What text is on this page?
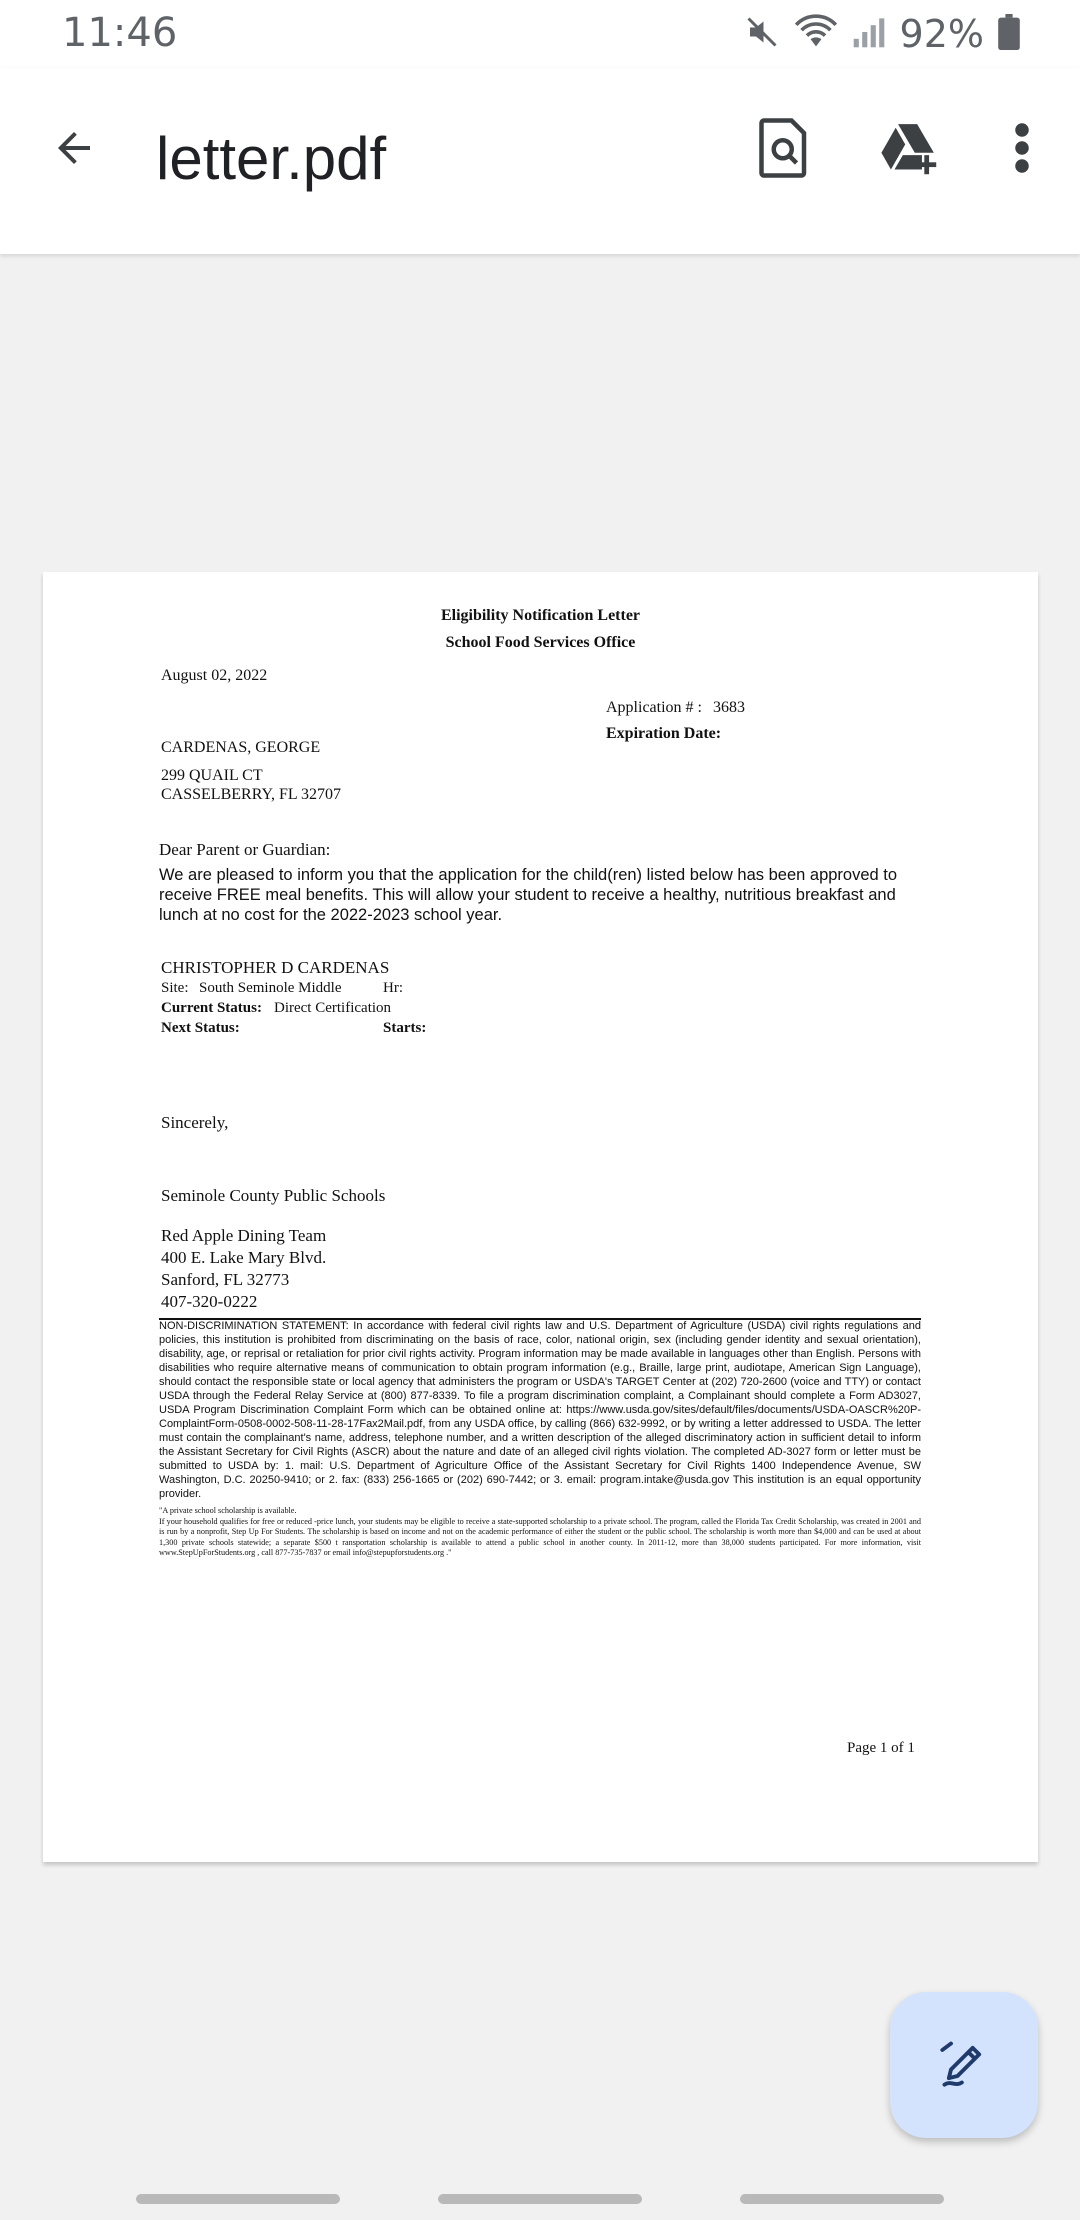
11:46	92%
letter.pdf
Eligibility Notification Letter
School Food Services Office
August 02, 2022
Application # : 3683
Expiration Date:
CARDENAS, GEORGE
299 QUAIL CT
CASSELBERRY, FL 32707
Dear Parent or Guardian:
We are pleased to inform you that the application for the child(ren) listed below has been approved to receive FREE meal benefits. This will allow your student to receive a healthy, nutritious breakfast and lunch at no cost for the 2022-2023 school year.
CHRISTOPHER D CARDENAS
Site: South Seminole Middle	Hr:
Current Status: Direct Certification
Next Status:	Starts:
Sincerely,
Seminole County Public Schools
Red Apple Dining Team
400 E. Lake Mary Blvd.
Sanford, FL 32773
407-320-0222
NON-DISCRIMINATION STATEMENT: In accordance with federal civil rights law and U.S. Department of Agriculture (USDA) civil rights regulations and policies, this institution is prohibited from discriminating on the basis of race, color, national origin, sex (including gender identity and sexual orientation), disability, age, or reprisal or retaliation for prior civil rights activity. Program information may be made available in languages other than English. Persons with disabilities who require alternative means of communication to obtain program information (e.g., Braille, large print, audiotape, American Sign Language), should contact the responsible state or local agency that administers the program or USDA's TARGET Center at (202) 720-2600 (voice and TTY) or contact USDA through the Federal Relay Service at (800) 877-8339. To file a program discrimination complaint, a Complainant should complete a Form AD3027, USDA Program Discrimination Complaint Form which can be obtained online at: https://www.usda.gov/sites/default/files/documents/USDA-OASCR%20P-ComplaintForm-0508-0002-508-11-28-17Fax2Mail.pdf, from any USDA office, by calling (866) 632-9992, or by writing a letter addressed to USDA. The letter must contain the complainant's name, address, telephone number, and a written description of the alleged discriminatory action in sufficient detail to inform the Assistant Secretary for Civil Rights (ASCR) about the nature and date of an alleged civil rights violation. The completed AD-3027 form or letter must be submitted to USDA by: 1. mail: U.S. Department of Agriculture Office of the Assistant Secretary for Civil Rights 1400 Independence Avenue, SW Washington, D.C. 20250-9410; or 2. fax: (833) 256-1665 or (202) 690-7442; or 3. email: program.intake@usda.gov This institution is an equal opportunity provider.
"A private school scholarship is available.
If your household qualifies for free or reduced -price lunch, your students may be eligible to receive a state-supported scholarship to a private school. The program, called the Florida Tax Credit Scholarship, was created in 2001 and is run by a nonprofit, Step Up For Students. The scholarship is based on income and not on the academic performance of either the student or the public school. The scholarship is worth more than $4,000 and can be used at about 1,300 private schools statewide; a separate $500 t ransportation scholarship is available to attend a public school in another county. In 2011-12, more than 38,000 students participated. For more information, visit www.StepUpForStudents.org , call 877-735-7837 or email info@stepupforstudents.org ."
Page 1 of 1
